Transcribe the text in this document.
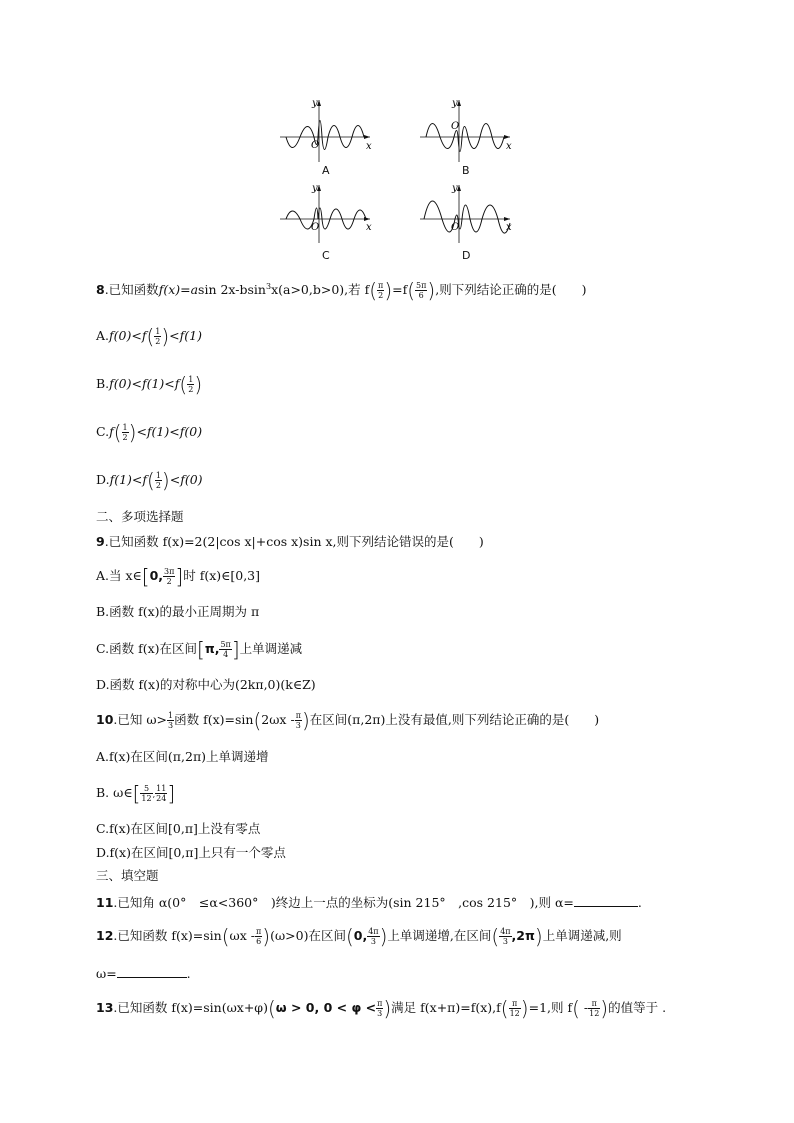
y
x
O
A
y
x
O
B
y
x
O
C
y
x
O
D
8.已知函数f(x)=asin 2x-bsin$^3$x(a>0,b>0),若 $f( \frac{\pi}{2} )=f( \frac{5\pi}{6}$ ),则下列结论正确的是(　　)
$A.f(0)<f( \frac{1}{2} )<f(1)$
$B.f(0)<f(1)<f( \frac{1}{2}$ )
$C.f( \frac{1}{2} )<f(1)<f(0)$
$D.f(1)<f( \frac{1}{2} )<f(0)$
二、多项选择题
9.已知函数 f(x)=2(2|cos x|+cos x)sin x,则下列结论错误的是(　　)
A.当 x∈[0, $\frac{3\pi}{2}$ ]时 f(x)∈[0,3]
B.函数 f(x)的最小正周期为 π
C.函数 f(x)在区间[π, $\frac{5\pi}{4}$ ]上单调递减
D.函数 f(x)的对称中心为(2kπ,0)(k∈Z)
10.已知 $\omega> \frac{1}{3}$ 函数 $f(x)=\sin(2\omega x - \frac{\pi}{3}$ )在区间(π,2π)上没有最值,则下列结论正确的是(　　)
A.f(x)在区间(π,2π)上单调递增
B. ω∈[ $\frac{5}{12}$ , $\frac{11}{24}$ ]
C.f(x)在区间[0,π]上没有零点
D.f(x)在区间[0,π]上只有一个零点
三、填空题
11.已知角 α(0°　≤α<360°　)终边上一点的坐标为(sin 215°　,cos 215°　),则 α=	.
12.已知函数 $f(x)=\sin(\omega x - \frac{\pi}{6} )(\omega>0)$在区间(0, $\frac{4\pi}{3}$ )上单调递增,在区间( $\frac{4\pi}{3} ,2\pi$)上单调递减,则
ω=	.
13.已知函数 f(x)=sin(ωx+φ)(ω > 0, $0 < \varphi < \frac{\pi}{3}$ )满足 $f(x+\pi)=f(x),f( \frac{\pi}{12} )=1$,则 $f( - \frac{\pi}{12}$ )的值等于 .
